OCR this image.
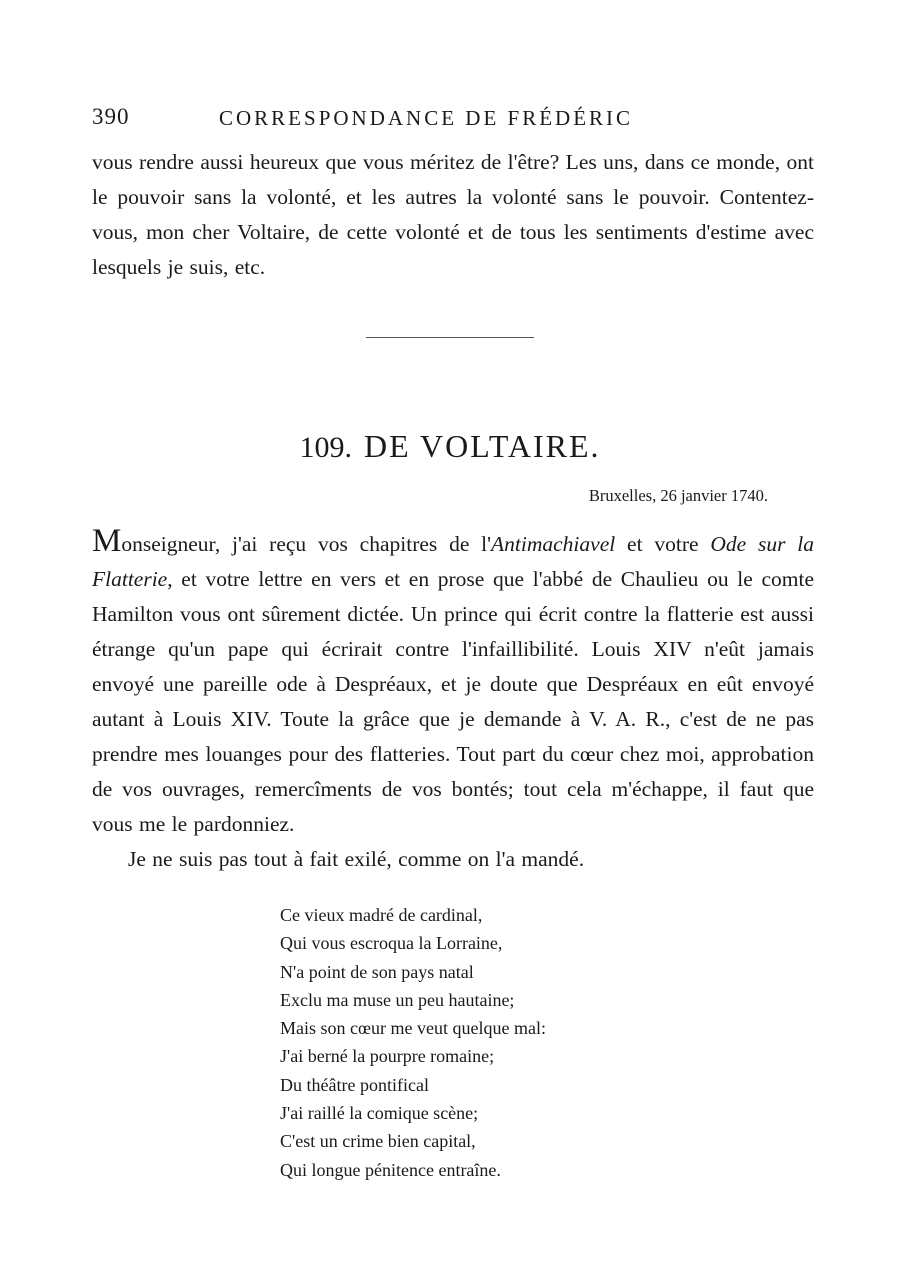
390	CORRESPONDANCE DE FRÉDÉRIC

vous rendre aussi heureux que vous méritez de l'être? Les uns, dans ce monde, ont le pouvoir sans la volonté, et les autres la volonté sans le pouvoir. Contentez-vous, mon cher Voltaire, de cette volonté et de tous les sentiments d'estime avec lesquels je suis, etc.

109. DE VOLTAIRE.
Bruxelles, 26 janvier 1740.

Monseigneur, j'ai reçu vos chapitres de l'Antimachiavel et votre Ode sur la Flatterie, et votre lettre en vers et en prose que l'abbé de Chaulieu ou le comte Hamilton vous ont sûrement dictée. Un prince qui écrit contre la flatterie est aussi étrange qu'un pape qui écrirait contre l'infaillibilité. Louis XIV n'eût jamais envoyé une pareille ode à Despréaux, et je doute que Despréaux en eût envoyé autant à Louis XIV. Toute la grâce que je demande à V. A. R., c'est de ne pas prendre mes louanges pour des flatteries. Tout part du cœur chez moi, approbation de vos ouvrages, remercîments de vos bontés; tout cela m'échappe, il faut que vous me le pardonniez.

Je ne suis pas tout à fait exilé, comme on l'a mandé.

Ce vieux madré de cardinal,
Qui vous escroqua la Lorraine,
N'a point de son pays natal
Exclu ma muse un peu hautaine;
Mais son cœur me veut quelque mal:
J'ai berné la pourpre romaine;
Du théâtre pontifical
J'ai raillé la comique scène;
C'est un crime bien capital,
Qui longue pénitence entraîne.
